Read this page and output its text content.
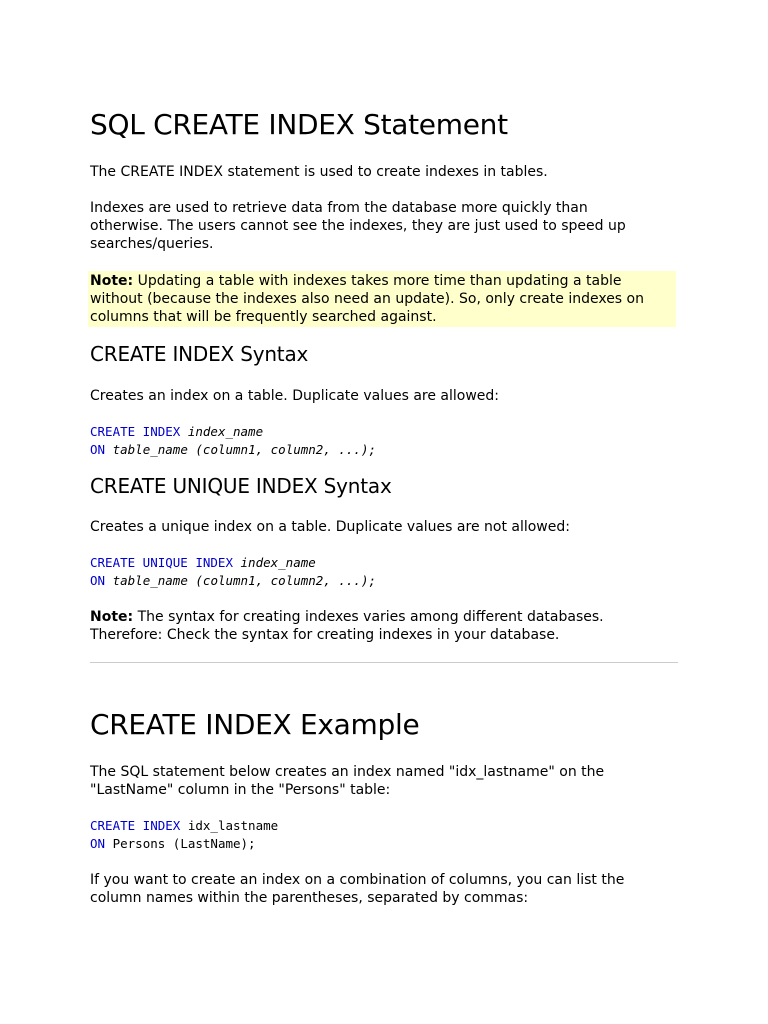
SQL CREATE INDEX Statement

The CREATE INDEX statement is used to create indexes in tables.

Indexes are used to retrieve data from the database more quickly than otherwise. The users cannot see the indexes, they are just used to speed up searches/queries.

Note: Updating a table with indexes takes more time than updating a table without (because the indexes also need an update). So, only create indexes on columns that will be frequently searched against.

CREATE INDEX Syntax

Creates an index on a table. Duplicate values are allowed:

CREATE INDEX index_name
ON table_name (column1, column2, ...);
CREATE UNIQUE INDEX Syntax

Creates a unique index on a table. Duplicate values are not allowed:

CREATE UNIQUE INDEX index_name
ON table_name (column1, column2, ...);

Note: The syntax for creating indexes varies among different databases. Therefore: Check the syntax for creating indexes in your database.

CREATE INDEX Example

The SQL statement below creates an index named "idx_lastname" on the "LastName" column in the "Persons" table:

CREATE INDEX idx_lastname
ON Persons (LastName);

If you want to create an index on a combination of columns, you can list the column names within the parentheses, separated by commas:
